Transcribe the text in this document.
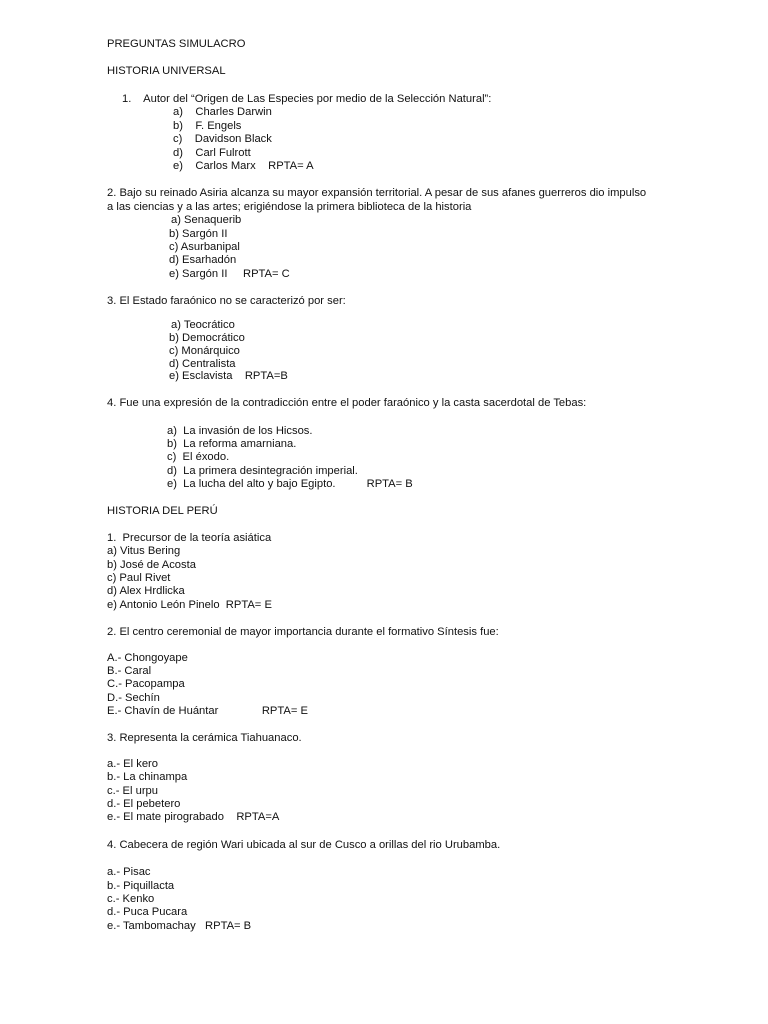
PREGUNTAS SIMULACRO
HISTORIA UNIVERSAL
1.    Autor del “Origen de Las Especies por medio de la Selección Natural”:
a)    Charles Darwin
b)    F. Engels
c)    Davidson Black
d)    Carl Fulrott
e)    Carlos Marx    RPTA= A
2. Bajo su reinado Asiria alcanza su mayor expansión territorial. A pesar de sus afanes guerreros dio impulso
a las ciencias y a las artes; erigiéndose la primera biblioteca de la historia
a) Senaquerib
b) Sargón II
c) Asurbanipal
d) Esarhadón
e) Sargón II     RPTA= C
3. El Estado faraónico no se caracterizó por ser:
a) Teocrático
b) Democrático
c) Monárquico
d) Centralista
e) Esclavista    RPTA=B
4. Fue una expresión de la contradicción entre el poder faraónico y la casta sacerdotal de Tebas:
a)  La invasión de los Hicsos.
b)  La reforma amarniana.
c)  El éxodo.
d)  La primera desintegración imperial.
e)  La lucha del alto y bajo Egipto.          RPTA= B
HISTORIA DEL PERÚ
1.  Precursor de la teoría asiática
a) Vitus Bering
b) José de Acosta
c) Paul Rivet
d) Alex Hrdlicka
e) Antonio León Pinelo  RPTA= E
2. El centro ceremonial de mayor importancia durante el formativo Síntesis fue:
A.- Chongoyape
B.- Caral
C.- Pacopampa
D.- Sechín
E.- Chavín de Huántar              RPTA= E
3. Representa la cerámica Tiahuanaco.
a.- El kero
b.- La chinampa
c.- El urpu
d.- El pebetero
e.- El mate pirograbado    RPTA=A
4. Cabecera de región Wari ubicada al sur de Cusco a orillas del rio Urubamba.
a.- Pisac
b.- Piquillacta
c.- Kenko
d.- Puca Pucara
e.- Tambomachay   RPTA= B
